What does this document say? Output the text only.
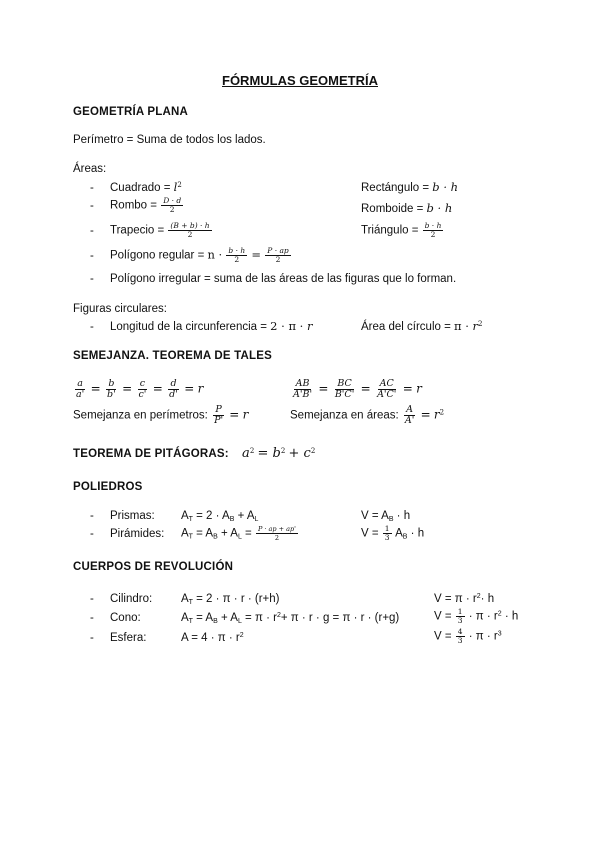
FÓRMULAS GEOMETRÍA
GEOMETRÍA PLANA
Perímetro = Suma de todos los lados.
Áreas:
- Cuadrado = $l^2$	Rectángulo = b · h
- Rombo = $\frac{D \cdot d}{2}$	Romboide = b · h
- Trapecio = $\frac{(B + b) \cdot h}{2}$	Triángulo = $\frac{b \cdot h}{2}$
- Polígono regular = $n \cdot \frac{b \cdot h}{2} = \frac{P \cdot ap}{2}$
- Polígono irregular = suma de las áreas de las figuras que lo forman.
Figuras circulares:
- Longitud de la circunferencia = 2 · π · r	Área del círculo = $\pi \cdot r^2$
SEMEJANZA. TEOREMA DE TALES
$\frac{a}{a'} = \frac{b}{b'} = \frac{c}{c'} = \frac{d}{d'} = r$	$\frac{AB}{A'B'} = \frac{BC}{B'C'} = \frac{AC}{A'C'} = r$
Semejanza en perímetros: $\frac{P}{P'} = r$	Semejanza en áreas: $\frac{A}{A'} = r^2$
TEOREMA DE PITÁGORAS: $a^2 = b^2 + c^2$
POLIEDROS
- Prismas: $A_T = 2 \cdot A_B + A_L$	$V = A_B \cdot h$
- Pirámides: $A_T = A_B + A_L = \frac{P \cdot ap + ap'}{2}$	$V = \frac{1}{3} A_B \cdot h$
CUERPOS DE REVOLUCIÓN
- Cilindro:	$A_T = 2 \cdot \pi \cdot r \cdot (r+h)$	$V = \pi \cdot r^2\cdot h$
- Cono:	$A_T = A_B + A_L = \pi \cdot r^2+ \pi \cdot r \cdot g = \pi \cdot r \cdot (r+g)$	$V = \frac{1}{3} \cdot \pi \cdot r^2 \cdot h$
- Esfera:	$A = 4 \cdot \pi \cdot r^2$	$V = \frac{4}{3} \cdot \pi \cdot r^3$
